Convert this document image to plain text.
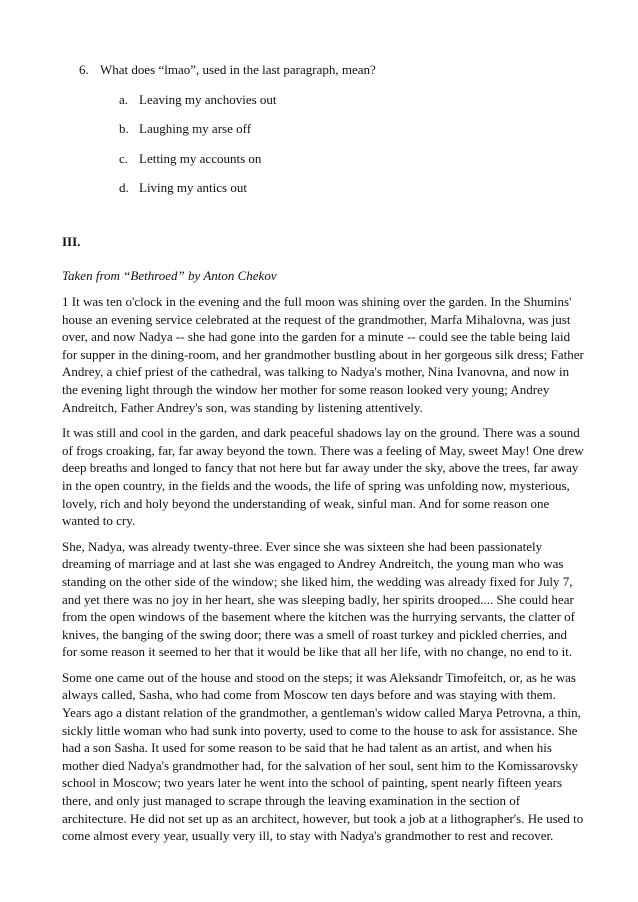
6. What does “lmao”, used in the last paragraph, mean?
a. Leaving my anchovies out
b. Laughing my arse off
c. Letting my accounts on
d. Living my antics out
III.
Taken from “Bethroed” by Anton Chekov

1 It was ten o'clock in the evening and the full moon was shining over the garden. In the Shumins' house an evening service celebrated at the request of the grandmother, Marfa Mihalovna, was just over, and now Nadya -- she had gone into the garden for a minute -- could see the table being laid for supper in the dining-room, and her grandmother bustling about in her gorgeous silk dress; Father Andrey, a chief priest of the cathedral, was talking to Nadya's mother, Nina Ivanovna, and now in the evening light through the window her mother for some reason looked very young; Andrey Andreitch, Father Andrey's son, was standing by listening attentively.

It was still and cool in the garden, and dark peaceful shadows lay on the ground. There was a sound of frogs croaking, far, far away beyond the town. There was a feeling of May, sweet May! One drew deep breaths and longed to fancy that not here but far away under the sky, above the trees, far away in the open country, in the fields and the woods, the life of spring was unfolding now, mysterious, lovely, rich and holy beyond the understanding of weak, sinful man. And for some reason one wanted to cry.

She, Nadya, was already twenty-three. Ever since she was sixteen she had been passionately dreaming of marriage and at last she was engaged to Andrey Andreitch, the young man who was standing on the other side of the window; she liked him, the wedding was already fixed for July 7, and yet there was no joy in her heart, she was sleeping badly, her spirits drooped.... She could hear from the open windows of the basement where the kitchen was the hurrying servants, the clatter of knives, the banging of the swing door; there was a smell of roast turkey and pickled cherries, and for some reason it seemed to her that it would be like that all her life, with no change, no end to it.

Some one came out of the house and stood on the steps; it was Aleksandr Timofeitch, or, as he was always called, Sasha, who had come from Moscow ten days before and was staying with them. Years ago a distant relation of the grandmother, a gentleman's widow called Marya Petrovna, a thin, sickly little woman who had sunk into poverty, used to come to the house to ask for assistance. She had a son Sasha. It used for some reason to be said that he had talent as an artist, and when his mother died Nadya's grandmother had, for the salvation of her soul, sent him to the Komissarovsky school in Moscow; two years later he went into the school of painting, spent nearly fifteen years there, and only just managed to scrape through the leaving examination in the section of architecture. He did not set up as an architect, however, but took a job at a lithographer's. He used to come almost every year, usually very ill, to stay with Nadya's grandmother to rest and recover.
